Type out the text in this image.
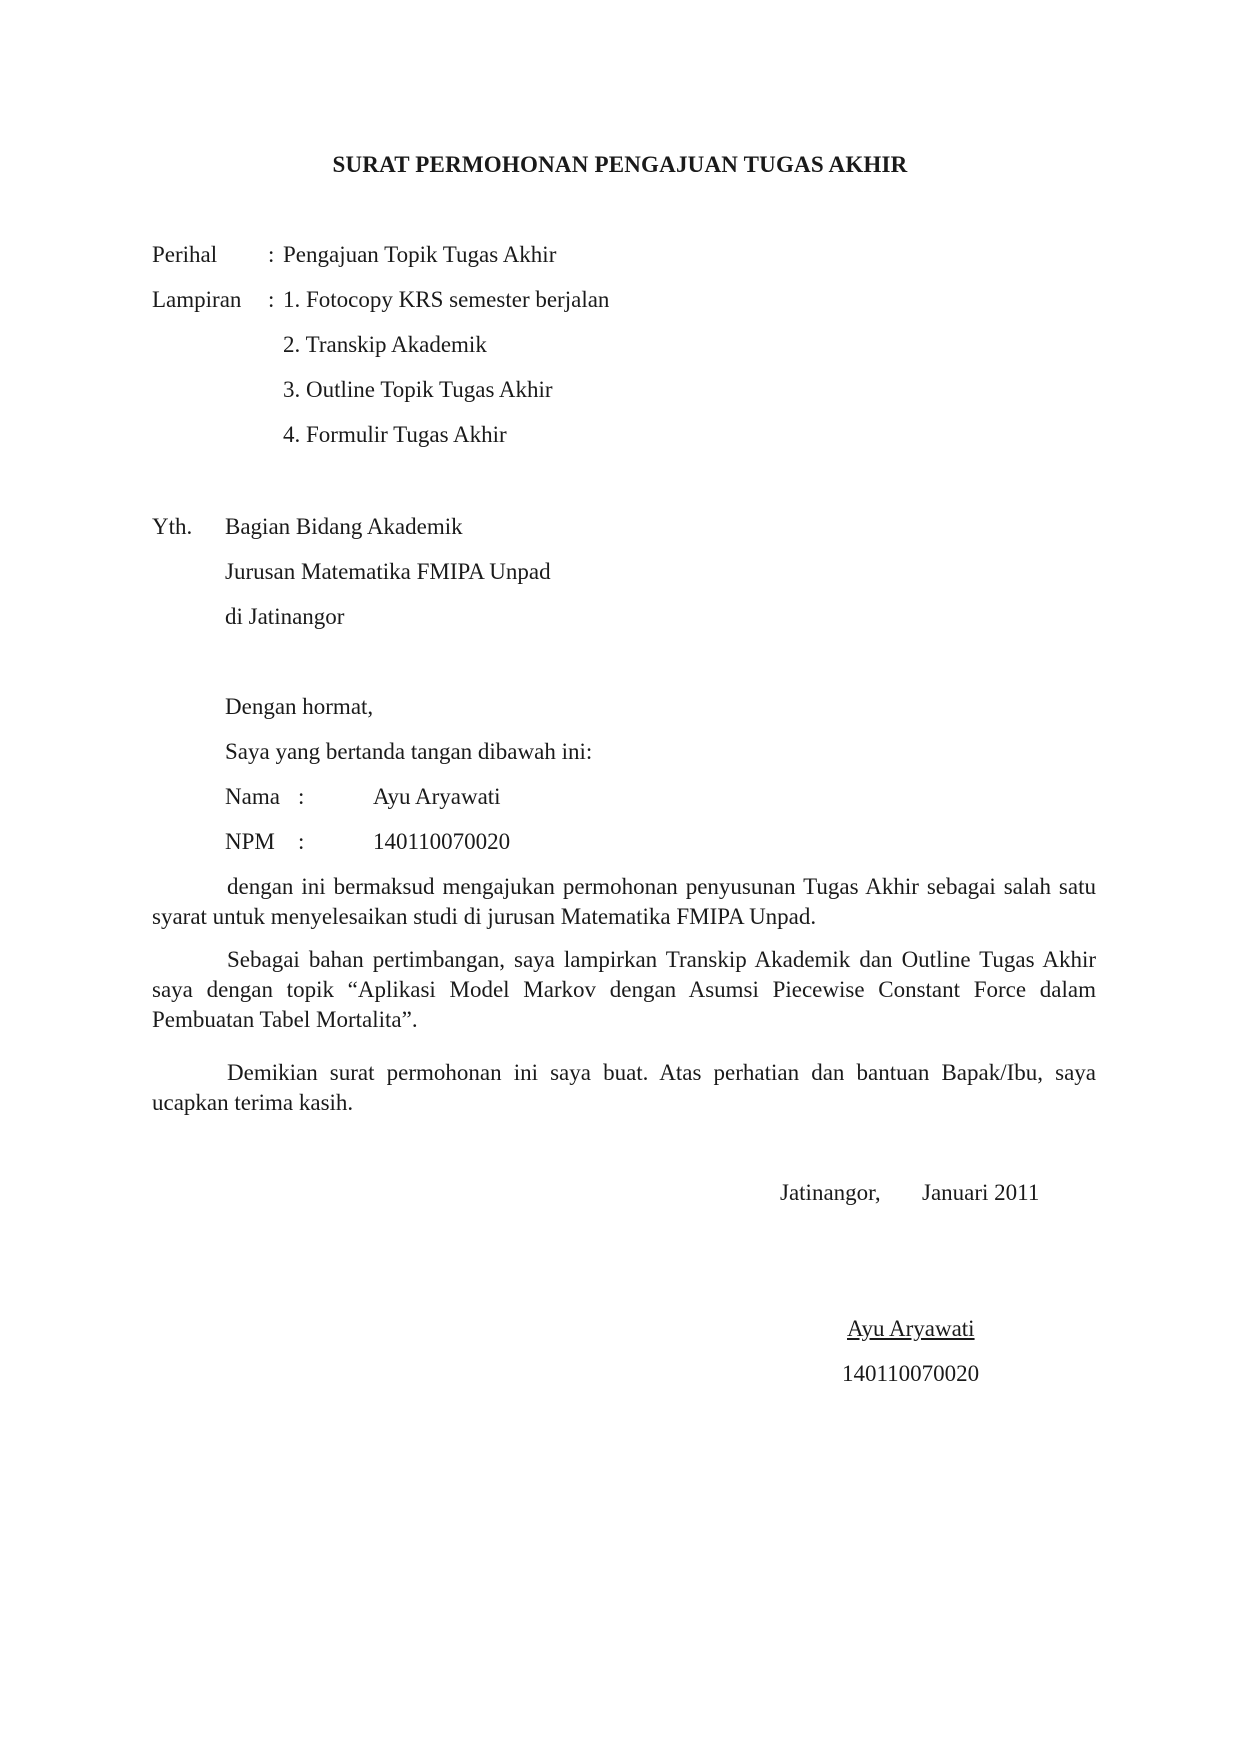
SURAT PERMOHONAN PENGAJUAN TUGAS AKHIR
Perihal : Pengajuan Topik Tugas Akhir
Lampiran : 1. Fotocopy KRS semester berjalan
2. Transkip Akademik
3. Outline Topik Tugas Akhir
4. Formulir Tugas Akhir
Yth. Bagian Bidang Akademik
Jurusan Matematika FMIPA Unpad
di Jatinangor
Dengan hormat,
Saya yang bertanda tangan dibawah ini:
Nama :	Ayu Aryawati
NPM :	140110070020
dengan ini bermaksud mengajukan permohonan penyusunan Tugas Akhir sebagai salah satu syarat untuk menyelesaikan studi di jurusan Matematika FMIPA Unpad.
Sebagai bahan pertimbangan, saya lampirkan Transkip Akademik dan Outline Tugas Akhir saya dengan topik “Aplikasi Model Markov dengan Asumsi Piecewise Constant Force dalam Pembuatan Tabel Mortalita”.
Demikian surat permohonan ini saya buat. Atas perhatian dan bantuan Bapak/Ibu, saya ucapkan terima kasih.
Jatinangor, Januari 2011
Ayu Aryawati
140110070020
